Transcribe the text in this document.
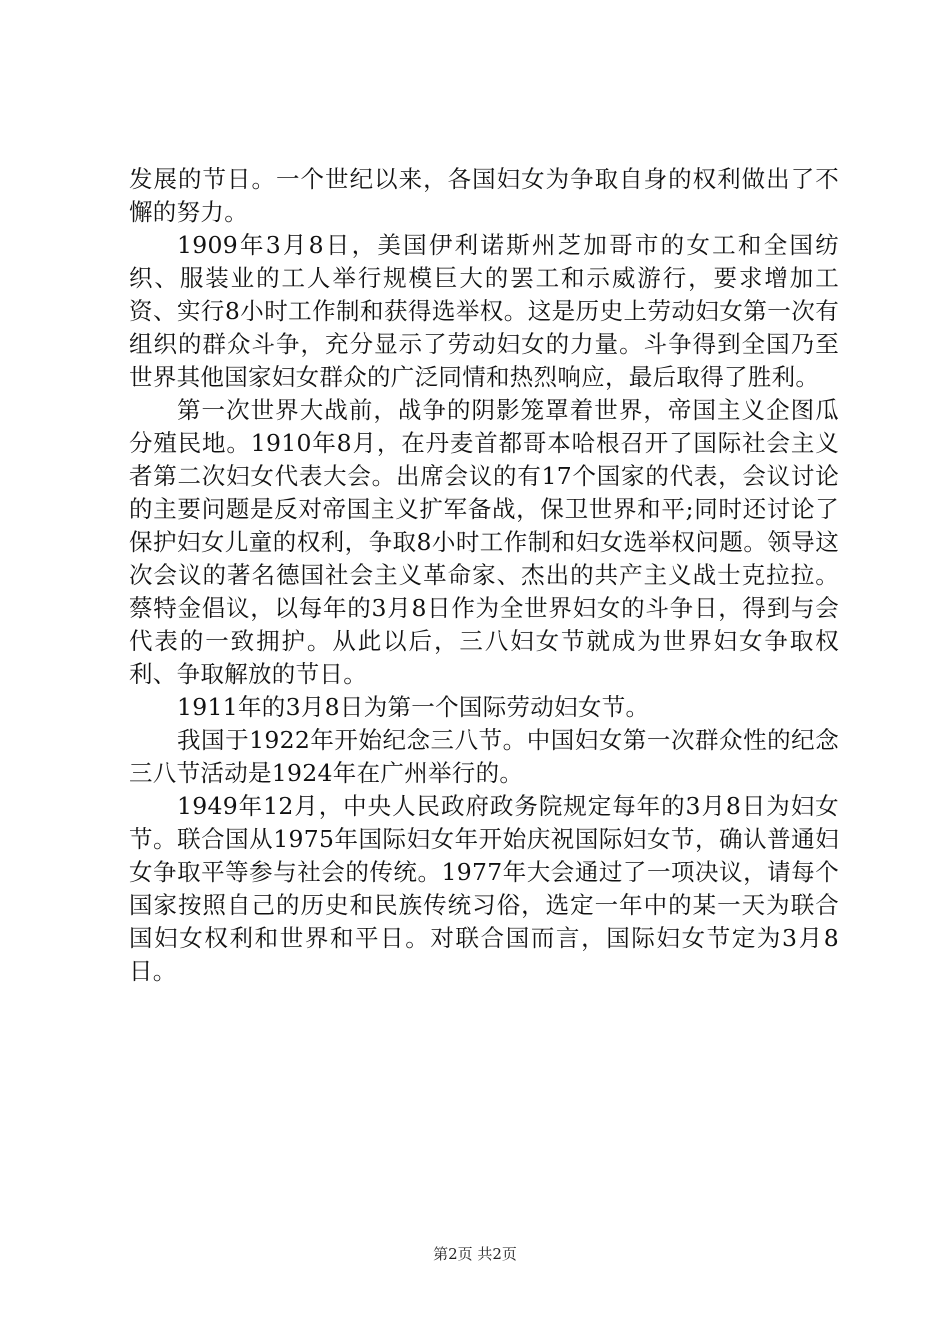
发展的节日。一个世纪以来，各国妇女为争取自身的权利做出了不懈的努力。

1909年3月8日，美国伊利诺斯州芝加哥市的女工和全国纺织、服装业的工人举行规模巨大的罢工和示威游行，要求增加工资、实行8小时工作制和获得选举权。这是历史上劳动妇女第一次有组织的群众斗争，充分显示了劳动妇女的力量。斗争得到全国乃至世界其他国家妇女群众的广泛同情和热烈响应，最后取得了胜利。

第一次世界大战前，战争的阴影笼罩着世界，帝国主义企图瓜分殖民地。1910年8月，在丹麦首都哥本哈根召开了国际社会主义者第二次妇女代表大会。出席会议的有17个国家的代表，会议讨论的主要问题是反对帝国主义扩军备战，保卫世界和平;同时还讨论了保护妇女儿童的权利，争取8小时工作制和妇女选举权问题。领导这次会议的著名德国社会主义革命家、杰出的共产主义战士克拉拉。蔡特金倡议，以每年的3月8日作为全世界妇女的斗争日，得到与会代表的一致拥护。从此以后，三八妇女节就成为世界妇女争取权利、争取解放的节日。

1911年的3月8日为第一个国际劳动妇女节。

我国于1922年开始纪念三八节。中国妇女第一次群众性的纪念三八节活动是1924年在广州举行的。

1949年12月，中央人民政府政务院规定每年的3月8日为妇女节。联合国从1975年国际妇女年开始庆祝国际妇女节，确认普通妇女争取平等参与社会的传统。1977年大会通过了一项决议，请每个国家按照自己的历史和民族传统习俗，选定一年中的某一天为联合国妇女权利和世界和平日。对联合国而言，国际妇女节定为3月8日。

第2页 共2页
